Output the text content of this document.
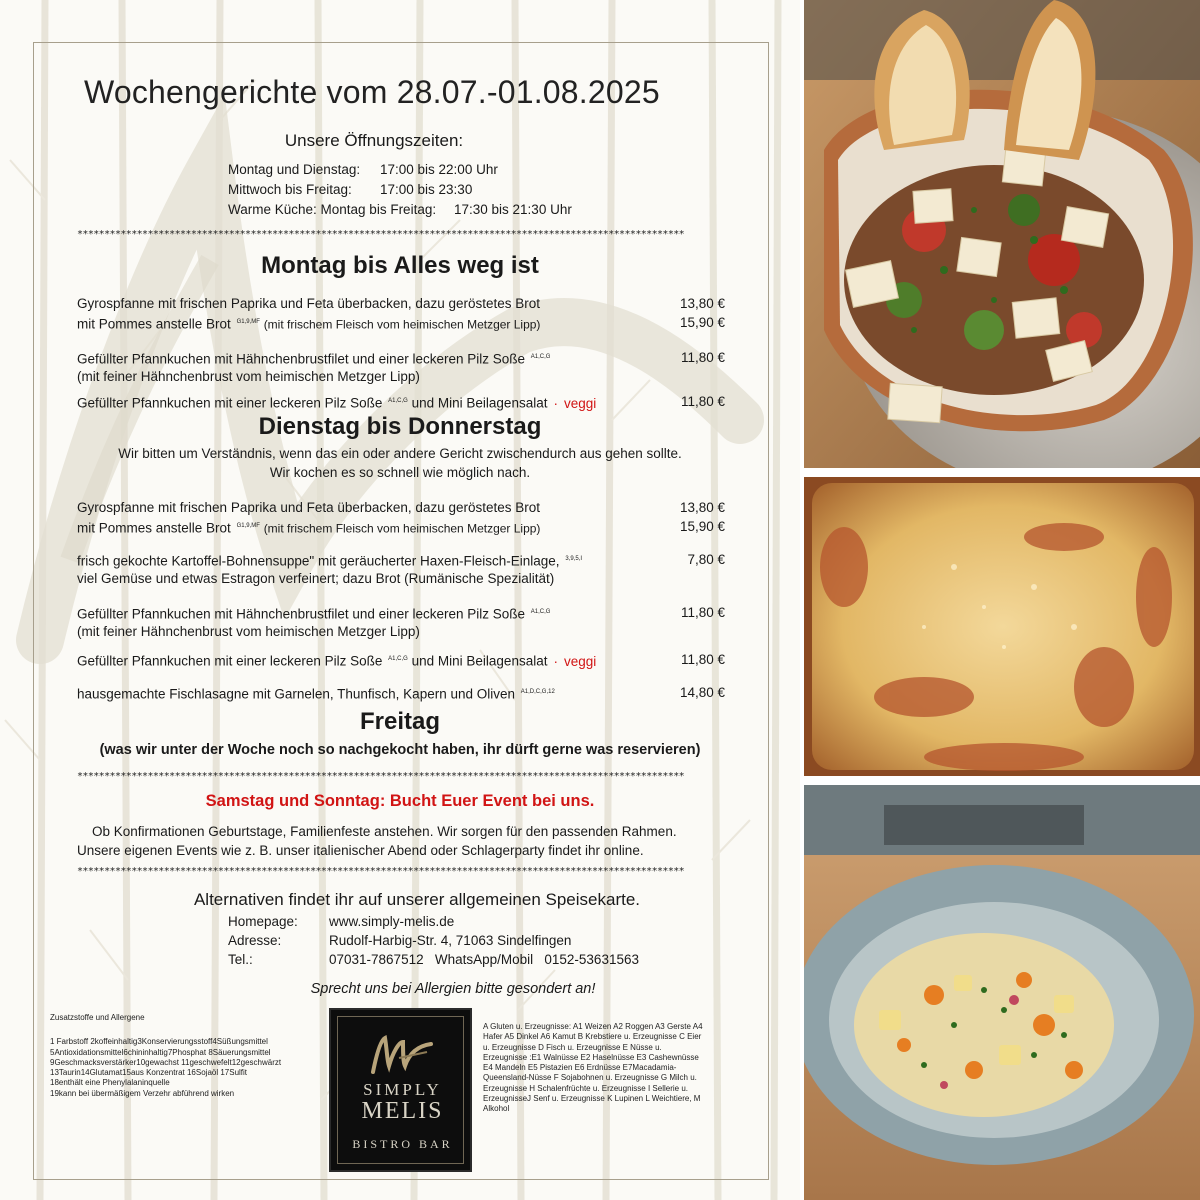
Wochengerichte vom 28.07.-01.08.2025
Unsere Öffnungszeiten:
Montag und Dienstag: 17:00 bis 22:00 Uhr
Mittwoch bis Freitag: 17:00 bis 23:30
Warme Küche: Montag bis Freitag: 17:30 bis 21:30 Uhr
****************************************************************************************************************
Montag bis Alles weg ist
Gyrospfanne mit frischen Paprika und Feta überbacken, dazu geröstetes Brot	13,80 €
mit Pommes anstelle Brot $^{G1,9,MF}$ (mit frischem Fleisch vom heimischen Metzger Lipp)	15,90 €
Gefüllter Pfannkuchen mit Hähnchenbrustfilet und einer leckeren Pilz Soße $^{A1,C,G}$	11,80 €
(mit feiner Hähnchenbrust vom heimischen Metzger Lipp)
Gefüllter Pfannkuchen mit einer leckeren Pilz Soße $^{A1,C,G}$ und Mini Beilagensalat · veggi	11,80 €
Dienstag bis Donnerstag
Wir bitten um Verständnis, wenn das ein oder andere Gericht zwischendurch aus gehen sollte.
Wir kochen es so schnell wie möglich nach.
Gyrospfanne mit frischen Paprika und Feta überbacken, dazu geröstetes Brot	13,80 €
mit Pommes anstelle Brot $^{G1,9,MF}$ (mit frischem Fleisch vom heimischen Metzger Lipp)	15,90 €
frisch gekochte Kartoffel-Bohnensuppe" mit geräucherter Haxen-Fleisch-Einlage, $^{3,9,5,I}$	7,80 €
viel Gemüse und etwas Estragon verfeinert; dazu Brot (Rumänische Spezialität)
Gefüllter Pfannkuchen mit Hähnchenbrustfilet und einer leckeren Pilz Soße $^{A1,C,G}$	11,80 €
(mit feiner Hähnchenbrust vom heimischen Metzger Lipp)
Gefüllter Pfannkuchen mit einer leckeren Pilz Soße $^{A1,C,G}$ und Mini Beilagensalat · veggi	11,80 €
hausgemachte Fischlasagne mit Garnelen, Thunfisch, Kapern und Oliven $^{A1,D,C,G,12}$	14,80 €
Freitag
(was wir unter der Woche noch so nachgekocht haben, ihr dürft gerne was reservieren)
****************************************************************************************************************
Samstag und Sonntag: Bucht Euer Event bei uns.
Ob Konfirmationen Geburtstage, Familienfeste anstehen. Wir sorgen für den passenden Rahmen.
Unsere eigenen Events wie z. B. unser italienischer Abend oder Schlagerparty findet ihr online.
****************************************************************************************************************
Alternativen findet ihr auf unserer allgemeinen Speisekarte.
Homepage: www.simply-melis.de
Adresse:	Rudolf-Harbig-Str. 4, 71063 Sindelfingen
Tel.:	07031-7867512   WhatsApp/Mobil   0152-53631563
Sprecht uns bei Allergien bitte gesondert an!
Zusatzstoffe und Allergene
1 Farbstoff 2koffeinhaltig3Konservierungsstoff4Süßungsmittel
5Antioxidationsmittel6chininhaltig7Phosphat 8Säuerungsmittel
9Geschmacksverstärker10gewachst 11geschwefelt12geschwärzt
13Taurin14Glutamat15aus Konzentrat 16Sojaöl 17Sulfit
18enthält eine Phenylalaninquelle
19kann bei übermäßigem Verzehr abführend wirken	SIMPLY
MELIS
BISTRO BAR
A Gluten u. Erzeugnisse: A1 Weizen A2 Roggen A3 Gerste A4
Hafer A5 Dinkel A6 Kamut B Krebstiere u. Erzeugnisse C Eier
u. Erzeugnisse D Fisch u. Erzeugnisse E Nüsse u.
Erzeugnisse :E1 Walnüsse E2 Haselnüsse E3 Cashewnüsse
E4 Mandeln E5 Pistazien E6 Erdnüsse E7Macadamia-
Queensland-Nüsse F Sojabohnen u. Erzeugnisse G Milch u.
Erzeugnisse H Schalenfrüchte u. Erzeugnisse I Sellerie u.
ErzeugnisseJ Senf u. Erzeugnisse K Lupinen L Weichtiere, M
Alkohol
